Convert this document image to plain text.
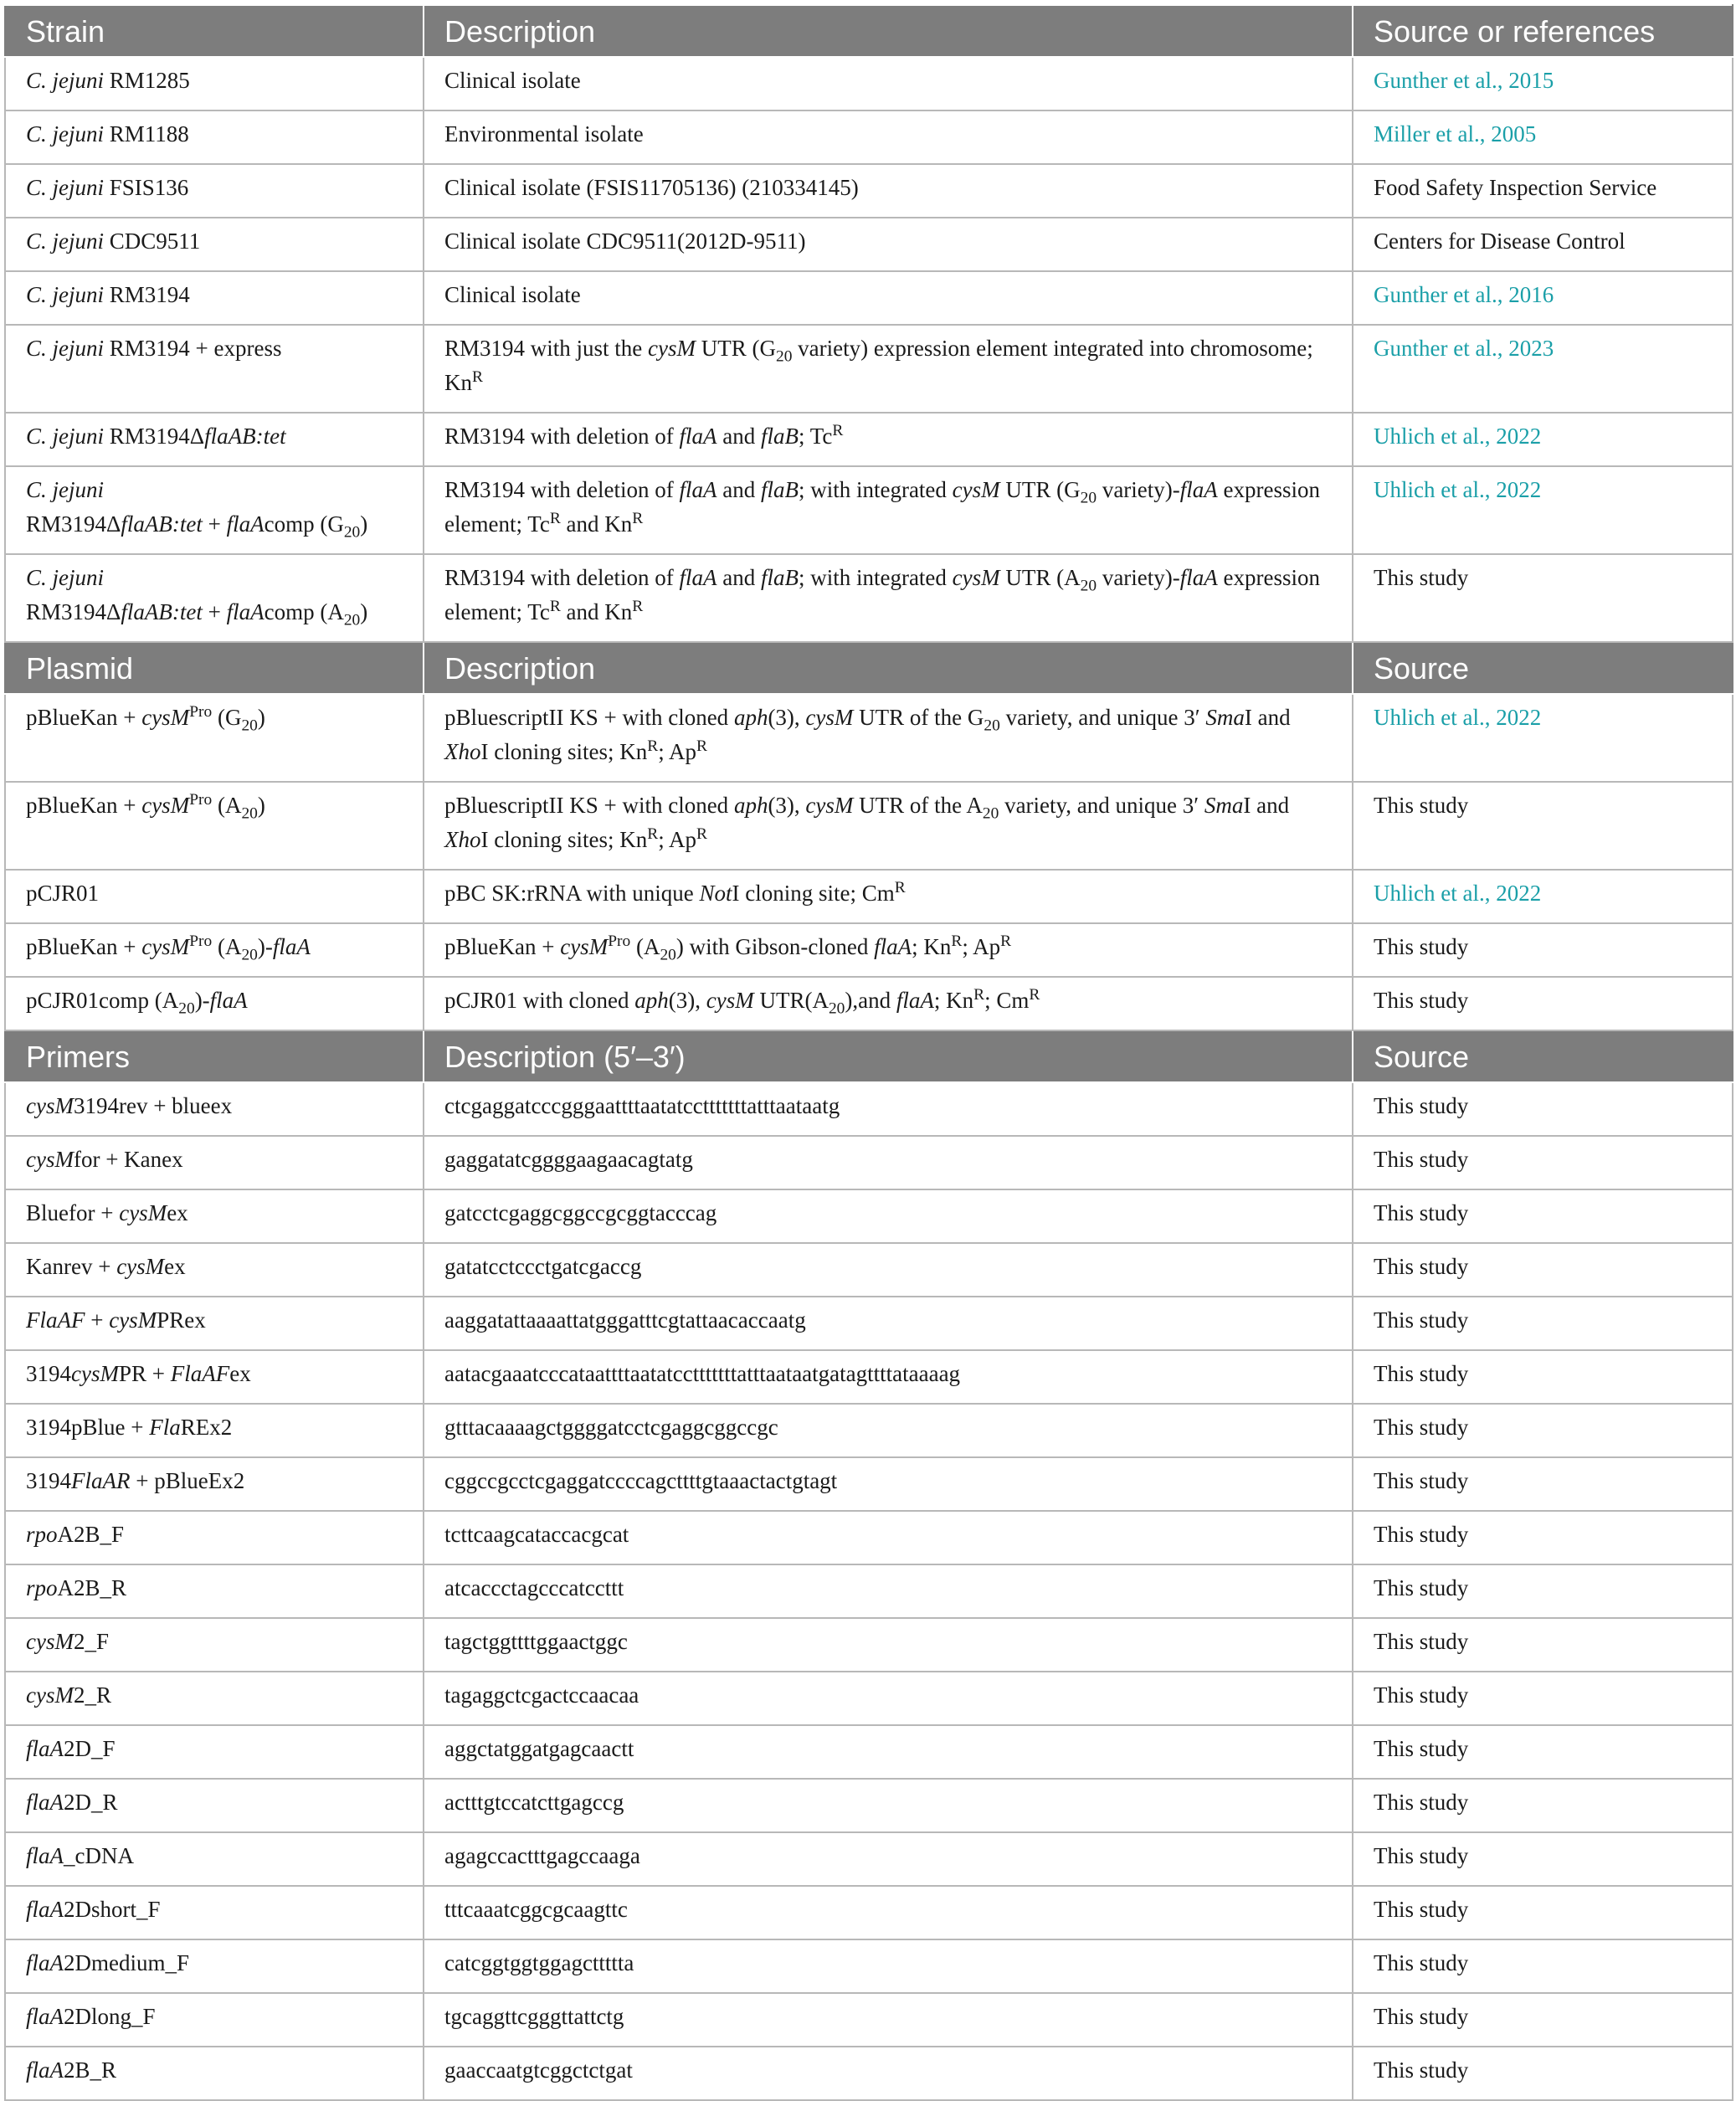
Strain	Description	Source or references
C. jejuni RM1285	Clinical isolate	Gunther et al., 2015
C. jejuni RM1188	Environmental isolate	Miller et al., 2005
C. jejuni FSIS136	Clinical isolate (FSIS11705136) (210334145)	Food Safety Inspection Service
C. jejuni CDC9511	Clinical isolate CDC9511(2012D-9511)	Centers for Disease Control
C. jejuni RM3194	Clinical isolate	Gunther et al., 2016
C. jejuni RM3194 + express	RM3194 with just the cysM UTR ($G_{20}$ variety) expression element integrated into chromosome; $Kn^R$	Gunther et al., 2023
C. jejuni RM3194ΔflaAB:tet	RM3194 with deletion of flaA and flaB; $Tc^R$	Uhlich et al., 2022
C. jejuni
RM3194ΔflaAB:tet + flaAcomp $(G_{20})$	RM3194 with deletion of flaA and flaB; with integrated cysM UTR ($G_{20}$ variety)-flaA expression element; $Tc^R$ and $Kn^R$	Uhlich et al., 2022
C. jejuni
RM3194ΔflaAB:tet + flaAcomp $(A_{20})$	RM3194 with deletion of flaA and flaB; with integrated cysM UTR ($A_{20}$ variety)-flaA expression element; $Tc^R$ and $Kn^R$	This study
Plasmid	Description	Source
pBlueKan + cysM$^{Pro}$ $(G_{20})$	pBluescriptII KS + with cloned aph(3), cysM UTR of the $G_{20}$ variety, and unique 3′ SmaI and XhoI cloning sites; $Kn^R$; $Ap^R$	Uhlich et al., 2022
pBlueKan + cysM$^{Pro}$ $(A_{20})$	pBluescriptII KS + with cloned aph(3), cysM UTR of the $A_{20}$ variety, and unique 3′ SmaI and XhoI cloning sites; $Kn^R$; $Ap^R$	This study
pCJR01	pBC SK:rRNA with unique NotI cloning site; $Cm^R$	Uhlich et al., 2022
pBlueKan + cysM$^{Pro}$ $(A_{20})$-flaA	pBlueKan + cysM$^{Pro}$ $(A_{20})$ with Gibson-cloned flaA; $Kn^R$; $Ap^R$	This study
pCJR01comp $(A_{20})$-flaA	pCJR01 with cloned aph(3), cysM $UTR(A_{20}),and$ flaA; $Kn^R$; $Cm^R$	This study
Primers	Description (5′–3′)	Source
cysM3194rev + blueex	ctcgaggatcccgggaattttaatatcctttttttatttaataatg	This study
cysMfor + Kanex	gaggatatcggggaagaacagtatg	This study
Bluefor + cysMex	gatcctcgaggcggccgcggtacccag	This study
Kanrev + cysMex	gatatcctccctgatcgaccg	This study
FlaAF + cysMPRex	aaggatattaaaattatgggatttcgtattaacaccaatg	This study
3194cysMPR + FlaAFex	aatacgaaatcccataattttaatatcctttttttatttaataatgatagttttataaaag	This study
3194pBlue + FlaREx2	gtttacaaaagctggggatcctcgaggcggccgc	This study
3194FlaAR + pBlueEx2	cggccgcctcgaggatccccagcttttgtaaactactgtagt	This study
rpoA2B_F	tcttcaagcataccacgcat	This study
rpoA2B_R	atcaccctagcccatccttt	This study
cysM2_F	tagctggttttggaactggc	This study
cysM2_R	tagaggctcgactccaacaa	This study
flaA2D_F	aggctatggatgagcaactt	This study
flaA2D_R	actttgtccatcttgagccg	This study
flaA_cDNA	agagccactttgagccaaga	This study
flaA2Dshort_F	tttcaaatcggcgcaagttc	This study
flaA2Dmedium_F	catcggtggtggagcttttta	This study
flaA2Dlong_F	tgcaggttcgggttattctg	This study
flaA2B_R	gaaccaatgtcggctctgat	This study
